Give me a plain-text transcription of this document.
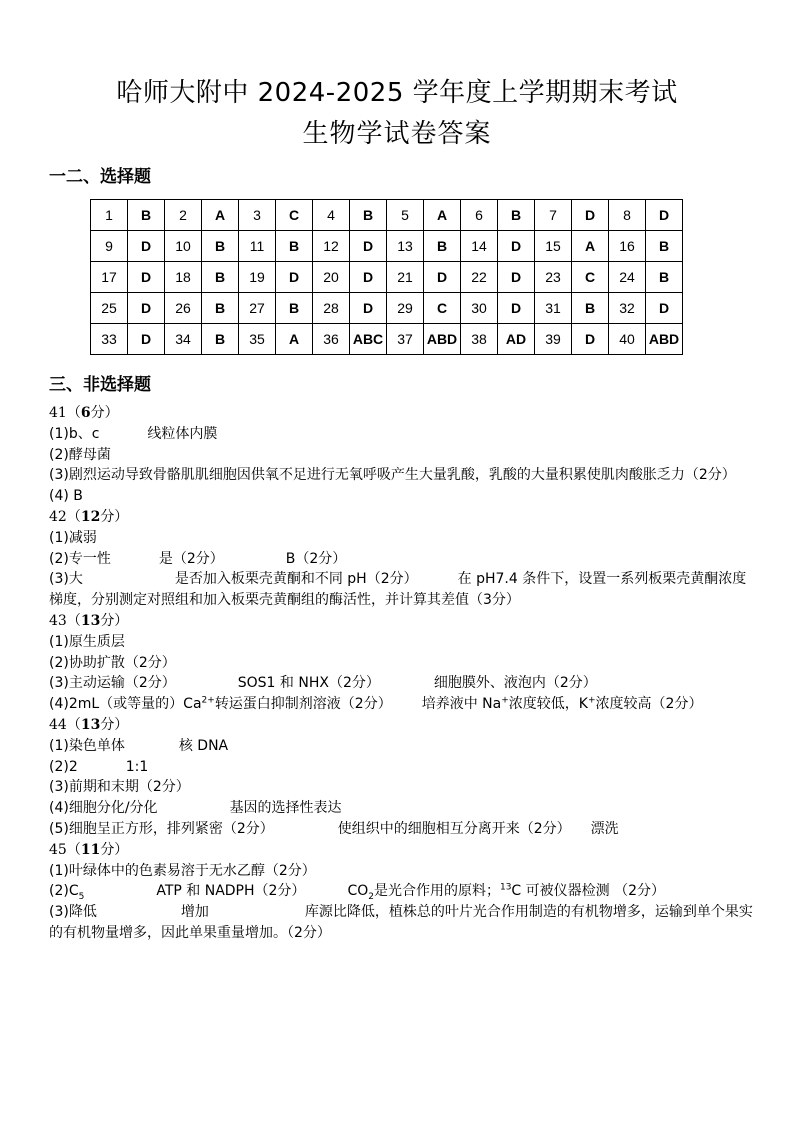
哈师大附中 2024-2025 学年度上学期期末考试
生物学试卷答案
一二、选择题
1	B	2	A	3	C	4	B	5	A	6	B	7	D	8	D
9	D	10	B	11	B	12	D	13	B	14	D	15	A	16	B
17	D	18	B	19	D	20	D	21	D	22	D	23	C	24	B
25	D	26	B	27	B	28	D	29	C	30	D	31	B	32	D
33	D	34	B	35	A	36	ABC	37	ABD	38	AD	39	D	40	ABD
三、非选择题
41（6分）
(1)b、c	线粒体内膜
(2)酵母菌
(3)剧烈运动导致骨骼肌肌细胞因供氧不足进行无氧呼吸产生大量乳酸，乳酸的大量积累使肌肉酸胀乏力（2分）
(4) B
42（12分）
(1)减弱
(2)专一性	是（2分）	B（2分）
(3)大	是否加入板栗壳黄酮和不同 pH（2分）	在 pH7.4 条件下，设置一系列板栗壳黄酮浓度梯度，分别测定对照组和加入板栗壳黄酮组的酶活性，并计算其差值（3分）
43（13分）
(1)原生质层
(2)协助扩散（2分）
(3)主动运输（2分）	SOS1 和 NHX（2分）	细胞膜外、液泡内（2分）
(4)2mL（或等量的）$Ca^{2+}$转运蛋白抑制剂溶液（2分） 培养液中 Na+浓度较低，K+浓度较高（2分）
44（13分）
(1)染色单体	核 DNA
(2)2	1:1
(3)前期和末期（2分）
(4)细胞分化/分化	基因的选择性表达
(5)细胞呈正方形，排列紧密（2分）	使组织中的细胞相互分离开来（2分） 漂洗
45（11分）
(1)叶绿体中的色素易溶于无水乙醇（2分）
$(2)C_5$	ATP 和 NADPH（2分）	$CO_2$是光合作用的原料；$^{13}$C 可被仪器检测 （2分）
(3)降低	增加	库源比降低，植株总的叶片光合作用制造的有机物增多，运输到单个果实的有机物量增多，因此单果重量增加。（2分）
